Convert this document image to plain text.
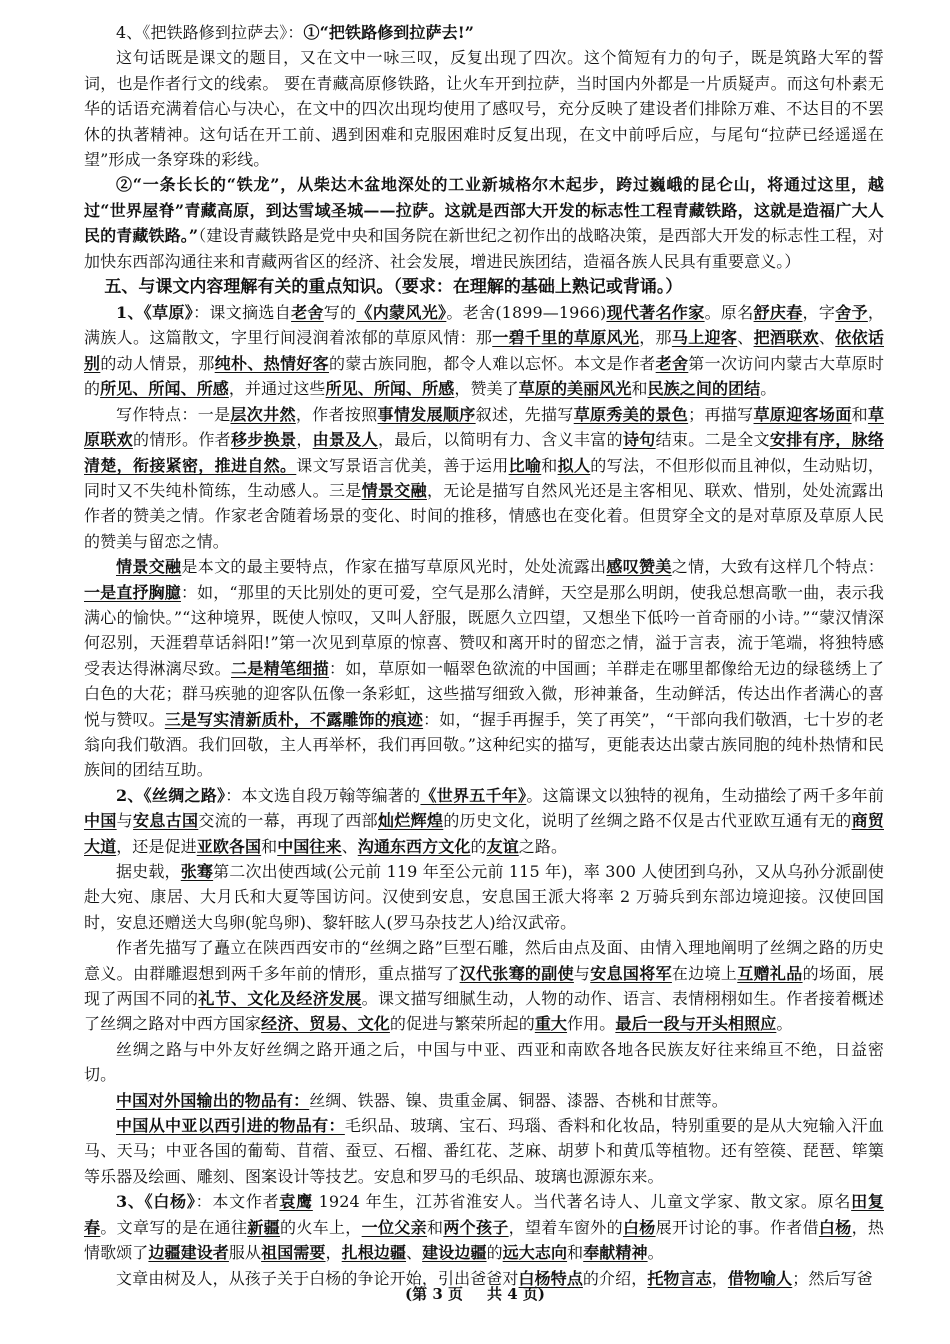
4、《把铁路修到拉萨去》：①“把铁路修到拉萨去!”

这句话既是课文的题目，又在文中一咏三叹，反复出现了四次。这个简短有力的句子，既是筑路大军的誓词，也是作者行文的线索。 要在青藏高原修铁路，让火车开到拉萨，当时国内外都是一片质疑声。而这句朴素无华的话语充满着信心与决心，在文中的四次出现均使用了感叹号，充分反映了建设者们排除万难、不达目的不罢休的执著精神。这句话在开工前、遇到困难和克服困难时反复出现，在文中前呼后应，与尾句“拉萨已经遥遥在望”形成一条穿珠的彩线。

②“一条长长的“铁龙”，从柴达木盆地深处的工业新城格尔木起步，跨过巍峨的昆仑山，将通过这里，越过“世界屋脊”青藏高原，到达雪域圣城——拉萨。这就是西部大开发的标志性工程青藏铁路，这就是造福广大人民的青藏铁路。”（建设青藏铁路是党中央和国务院在新世纪之初作出的战略决策，是西部大开发的标志性工程，对加快东西部沟通往来和青藏两省区的经济、社会发展，增进民族团结，造福各族人民具有重要意义。）

五、与课文内容理解有关的重点知识。（要求：在理解的基础上熟记或背诵。）

1、《草原》：课文摘选自老舍写的《内蒙风光》。老舍(1899—1966)现代著名作家。原名舒庆春，字舍予，满族人。这篇散文，字里行间浸润着浓郁的草原风情：那一碧千里的草原风光，那马上迎客、把酒联欢、依依话别的动人情景，那纯朴、热情好客的蒙古族同胞，都令人难以忘怀。本文是作者老舍第一次访问内蒙古大草原时的所见、所闻、所感，并通过这些所见、所闻、所感，赞美了草原的美丽风光和民族之间的团结。

写作特点：一是层次井然，作者按照事情发展顺序叙述，先描写草原秀美的景色；再描写草原迎客场面和草原联欢的情形。作者移步换景，由景及人，最后，以简明有力、含义丰富的诗句结束。二是全文安排有序，脉络清楚，衔接紧密，推进自然。课文写景语言优美，善于运用比喻和拟人的写法，不但形似而且神似，生动贴切，同时又不失纯朴简练，生动感人。三是情景交融，无论是描写自然风光还是主客相见、联欢、惜别，处处流露出作者的赞美之情。作家老舍随着场景的变化、时间的推移，情感也在变化着。但贯穿全文的是对草原及草原人民的赞美与留恋之情。

情景交融是本文的最主要特点，作家在描写草原风光时，处处流露出感叹赞美之情，大致有这样几个特点：一是直抒胸臆：如，“那里的天比别处的更可爱，空气是那么清鲜，天空是那么明朗，使我总想高歌一曲，表示我满心的愉快。”“这种境界，既使人惊叹，又叫人舒服，既愿久立四望，又想坐下低吟一首奇丽的小诗。”“蒙汉情深何忍别，天涯碧草话斜阳!”第一次见到草原的惊喜、赞叹和离开时的留恋之情，溢于言表，流于笔端，将独特感受表达得淋漓尽致。二是精笔细描：如，草原如一幅翠色欲流的中国画；羊群走在哪里都像给无边的绿毯绣上了白色的大花；群马疾驰的迎客队伍像一条彩虹，这些描写细致入微，形神兼备，生动鲜活，传达出作者满心的喜悦与赞叹。三是写实清新质朴，不露雕饰的痕迹：如，“握手再握手，笑了再笑”，“干部向我们敬酒，七十岁的老翁向我们敬酒。我们回敬，主人再举杯，我们再回敬。”这种纪实的描写，更能表达出蒙古族同胞的纯朴热情和民族间的团结互助。

2、《丝绸之路》：本文选自段万翰等编著的《世界五千年》。这篇课文以独特的视角，生动描绘了两千多年前中国与安息古国交流的一幕，再现了西部灿烂辉煌的历史文化，说明了丝绸之路不仅是古代亚欧互通有无的商贸大道，还是促进亚欧各国和中国往来、沟通东西方文化的友谊之路。

据史载，张骞第二次出使西域(公元前 119 年至公元前 115 年)，率 300 人使团到乌孙，又从乌孙分派副使赴大宛、康居、大月氏和大夏等国访问。汉使到安息，安息国王派大将率 2 万骑兵到东部边境迎接。汉使回国时，安息还赠送大鸟卵(鸵鸟卵)、黎轩眩人(罗马杂技艺人)给汉武帝。

作者先描写了矗立在陕西西安市的“丝绸之路”巨型石雕，然后由点及面、由情入理地阐明了丝绸之路的历史意义。由群雕遐想到两千多年前的情形，重点描写了汉代张骞的副使与安息国将军在边境上互赠礼品的场面，展现了两国不同的礼节、文化及经济发展。课文描写细腻生动，人物的动作、语言、表情栩栩如生。作者接着概述了丝绸之路对中西方国家经济、贸易、文化的促进与繁荣所起的重大作用。最后一段与开头相照应。

丝绸之路与中外友好丝绸之路开通之后，中国与中亚、西亚和南欧各地各民族友好往来绵亘不绝，日益密切。

中国对外国输出的物品有：丝绸、铁器、镍、贵重金属、铜器、漆器、杏桃和甘蔗等。

中国从中亚以西引进的物品有：毛织品、玻璃、宝石、玛瑙、香料和化妆品，特别重要的是从大宛输入汗血马、天马；中亚各国的葡萄、苜蓿、蚕豆、石榴、番红花、芝麻、胡萝卜和黄瓜等植物。还有箜篌、琵琶、筚篥等乐器及绘画、雕刻、图案设计等技艺。安息和罗马的毛织品、玻璃也源源东来。

3、《白杨》：本文作者袁鹰 1924 年生，江苏省淮安人。当代著名诗人、儿童文学家、散文家。原名田复春。文章写的是在通往新疆的火车上，一位父亲和两个孩子，望着车窗外的白杨展开讨论的事。作者借白杨，热情歌颂了边疆建设者服从祖国需要，扎根边疆、建设边疆的远大志向和奉献精神。

文章由树及人，从孩子关于白杨的争论开始，引出爸爸对白杨特点的介绍，托物言志，借物喻人；然后写爸

(第 3 页 共 4 页)
